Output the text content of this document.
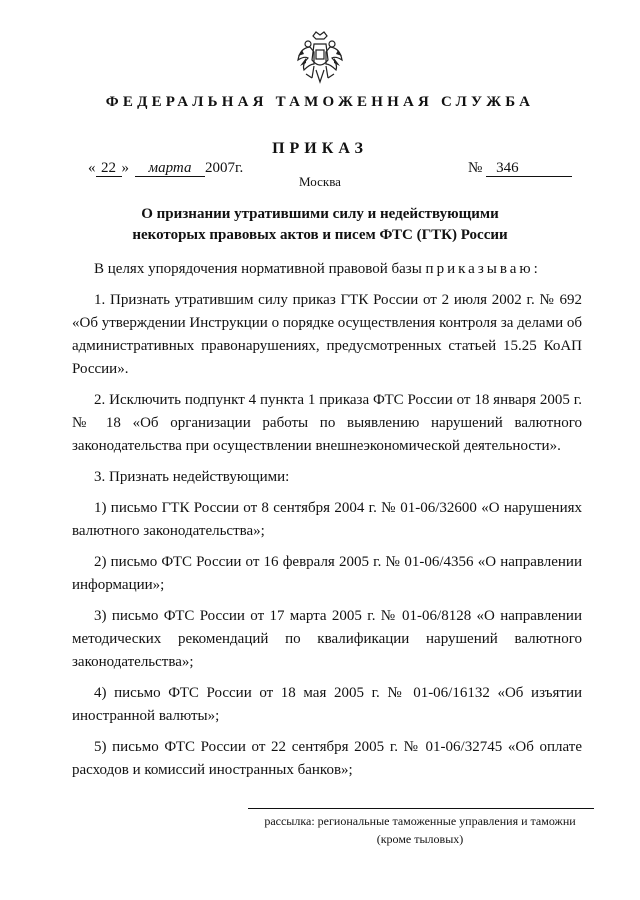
ФЕДЕРАЛЬНАЯ ТАМОЖЕННАЯ СЛУЖБА
ПРИКАЗ
« 22 » марта 2007г.	№ 346
Москва
О признании утратившими силу и недействующими
некоторых правовых актов и писем ФТС (ГТК) России

В целях упорядочения нормативной правовой базы приказываю:

1. Признать утратившим силу приказ ГТК России от 2 июля 2002 г. № 692 «Об утверждении Инструкции о порядке осуществления контроля за делами об административных правонарушениях, предусмотренных статьей 15.25 КоАП России».

2. Исключить подпункт 4 пункта 1 приказа ФТС России от 18 января 2005 г. № 18 «Об организации работы по выявлению нарушений валютного законодательства при осуществлении внешнеэкономической деятельности».

3. Признать недействующими:

1) письмо ГТК России от 8 сентября 2004 г. № 01-06/32600 «О нарушениях валютного законодательства»;

2) письмо ФТС России от 16 февраля 2005 г. № 01-06/4356 «О направлении информации»;

3) письмо ФТС России от 17 марта 2005 г. № 01-06/8128 «О направлении методических рекомендаций по квалификации нарушений валютного законодательства»;

4) письмо ФТС России от 18 мая 2005 г. № 01-06/16132 «Об изъятии иностранной валюты»;

5) письмо ФТС России от 22 сентября 2005 г. № 01-06/32745 «Об оплате расходов и комиссий иностранных банков»;

рассылка: региональные таможенные управления и таможни
(кроме тыловых)
